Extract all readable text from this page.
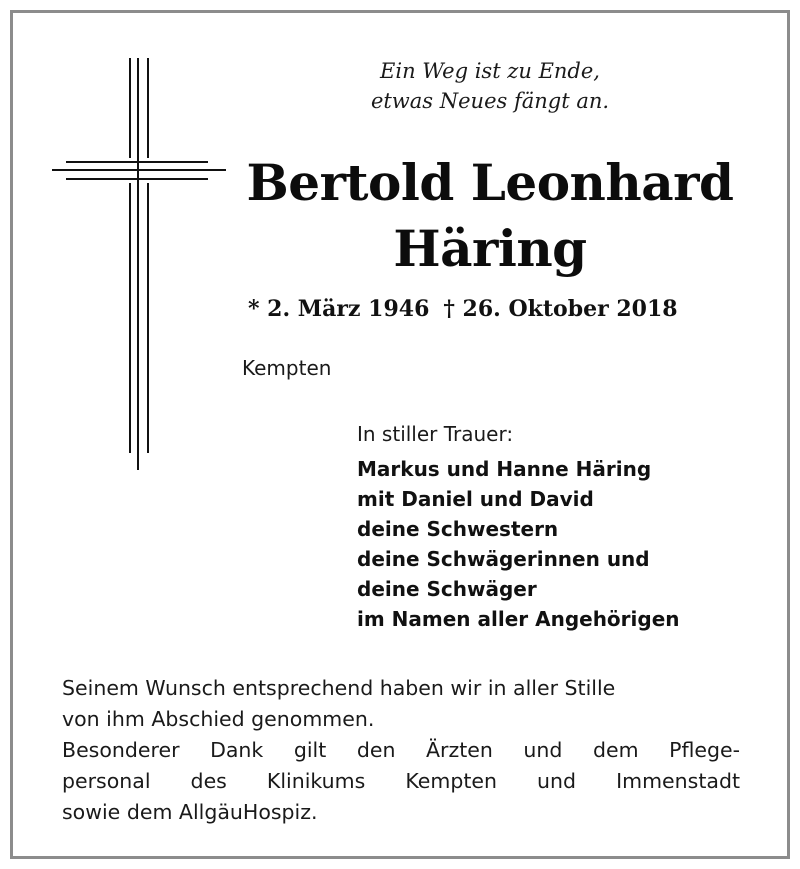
Ein Weg ist zu Ende,
etwas Neues fängt an.
Bertold Leonhard
Häring
* 2. März 1946 † 26. Oktober 2018
Kempten
In stiller Trauer:
Markus und Hanne Häring
mit Daniel und David
deine Schwestern
deine Schwägerinnen und
deine Schwäger
im Namen aller Angehörigen
Seinem Wunsch entsprechend haben wir in aller Stille
von ihm Abschied genommen.
Besonderer Dank gilt den Ärzten und dem Pflege-
personal des Klinikums Kempten und Immenstadt
sowie dem AllgäuHospiz.
